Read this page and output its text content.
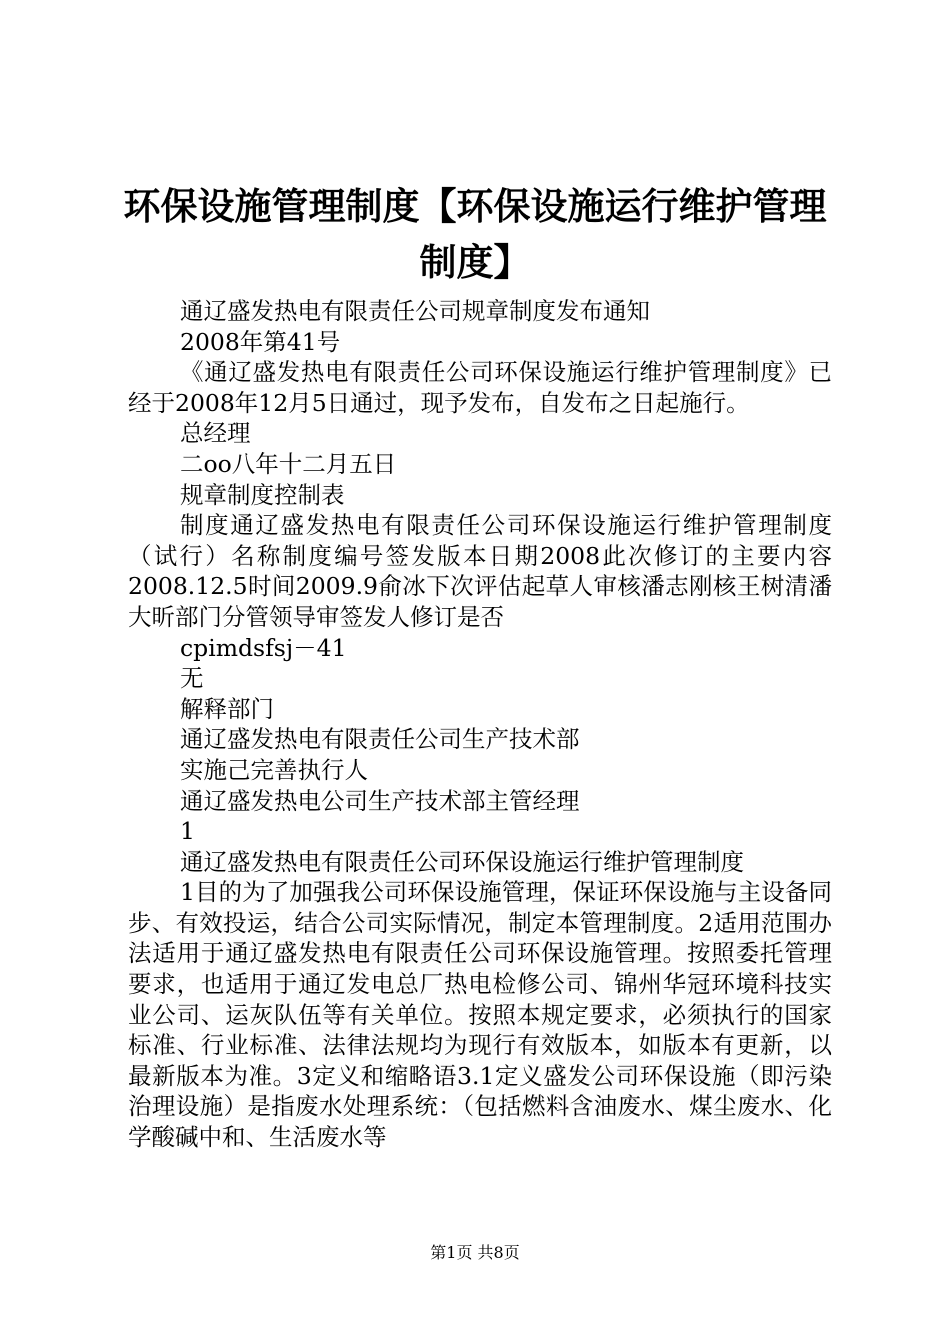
环保设施管理制度【环保设施运行维护管理制度】

通辽盛发热电有限责任公司规章制度发布通知

2008年第41号

《通辽盛发热电有限责任公司环保设施运行维护管理制度》已经于2008年12月5日通过，现予发布，自发布之日起施行。

总经理

二oo八年十二月五日

规章制度控制表

制度通辽盛发热电有限责任公司环保设施运行维护管理制度（试行）名称制度编号签发版本日期2008此次修订的主要内容2008.12.5时间2009.9俞冰下次评估起草人审核潘志刚核王树清潘大昕部门分管领导审签发人修订是否

cpimdsfsj－41

无

解释部门

通辽盛发热电有限责任公司生产技术部

实施己完善执行人

通辽盛发热电公司生产技术部主管经理

1

通辽盛发热电有限责任公司环保设施运行维护管理制度

1目的为了加强我公司环保设施管理，保证环保设施与主设备同步、有效投运，结合公司实际情况，制定本管理制度。2适用范围办法适用于通辽盛发热电有限责任公司环保设施管理。按照委托管理要求，也适用于通辽发电总厂热电检修公司、锦州华冠环境科技实业公司、运灰队伍等有关单位。按照本规定要求，必须执行的国家标准、行业标准、法律法规均为现行有效版本，如版本有更新，以最新版本为准。3定义和缩略语3.1定义盛发公司环保设施（即污染治理设施）是指废水处理系统：（包括燃料含油废水、煤尘废水、化学酸碱中和、生活废水等

第1页 共8页
